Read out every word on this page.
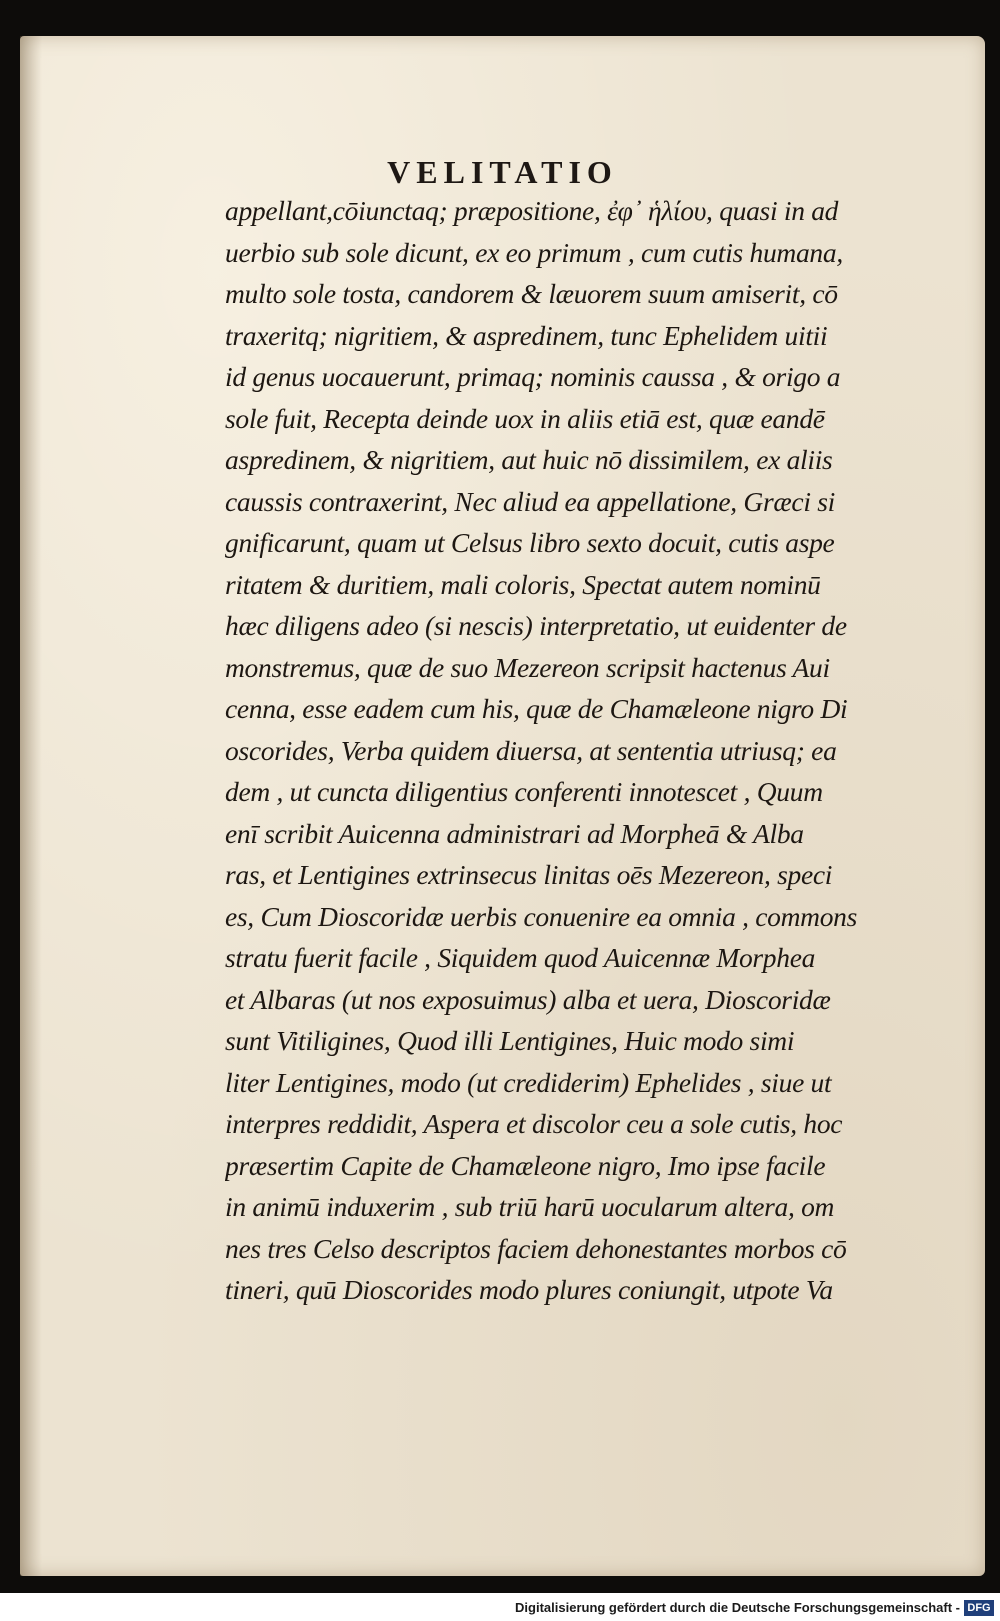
VELITATIO
appellant,cōiunctaq; præpositione, ἐφ᾽ ἡλίου, quasi in ad
uerbio sub sole dicunt, ex eo primum , cum cutis humana,
multo sole tosta, candorem & læuorem suum amiserit, cō
traxeritq; nigritiem, & aspredinem, tunc Ephelidem uitii
id genus uocauerunt, primaq; nominis caussa , & origo a
sole fuit, Recepta deinde uox in aliis etiā est, quæ eandē
aspredinem, & nigritiem, aut huic nō dissimilem, ex aliis
caussis contraxerint, Nec aliud ea appellatione, Græci si
gnificarunt, quam ut Celsus libro sexto docuit, cutis aspe
ritatem & duritiem, mali coloris, Spectat autem nominū
hæc diligens adeo (si nescis) interpretatio, ut euidenter de
monstremus, quæ de suo Mezereon scripsit hactenus Aui
cenna, esse eadem cum his, quæ de Chamæleone nigro Di
oscorides, Verba quidem diuersa, at sententia utriusq; ea
dem , ut cuncta diligentius conferenti innotescet , Quum
enī scribit Auicenna administrari ad Morpheā & Alba
ras, et Lentigines extrinsecus linitas oēs Mezereon, speci
es, Cum Dioscoridæ uerbis conuenire ea omnia , commons
stratu fuerit facile , Siquidem quod Auicennæ Morphea
et Albaras (ut nos exposuimus) alba et uera, Dioscoridæ
sunt Vitiligines, Quod illi Lentigines, Huic modo simi
liter Lentigines, modo (ut crediderim) Ephelides , siue ut
interpres reddidit, Aspera et discolor ceu a sole cutis, hoc
præsertim Capite de Chamæleone nigro, Imo ipse facile
in animū induxerim , sub triū harū uocularum altera, om
nes tres Celso descriptos faciem dehonestantes morbos cō
tineri, quū Dioscorides modo plures coniungit, utpote Va
Digitalisierung gefördert durch die Deutsche Forschungsgemeinschaft - DFG
